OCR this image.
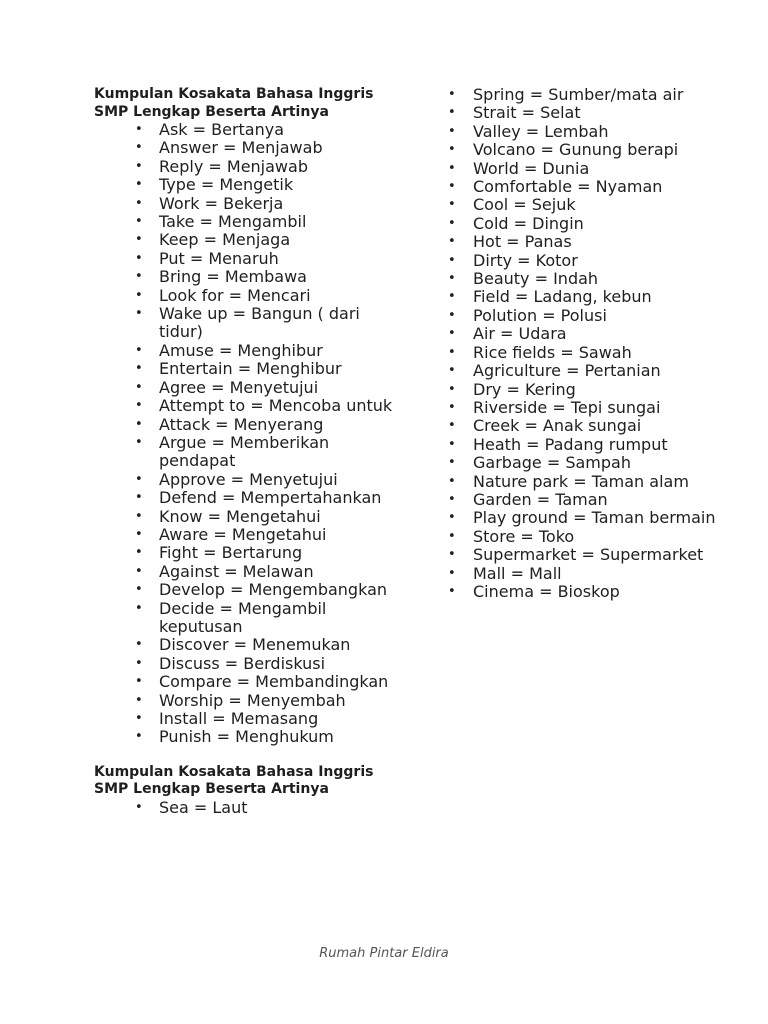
Kumpulan Kosakata Bahasa Inggris SMP Lengkap Beserta Artinya

• Ask = Bertanya
• Answer = Menjawab
• Reply = Menjawab
• Type = Mengetik
• Work = Bekerja
• Take = Mengambil
• Keep = Menjaga
• Put = Menaruh
• Bring = Membawa
• Look for = Mencari
• Wake up = Bangun ( dari tidur)
• Amuse = Menghibur
• Entertain = Menghibur
• Agree = Menyetujui
• Attempt to = Mencoba untuk
• Attack = Menyerang
• Argue = Memberikan pendapat
• Approve = Menyetujui
• Defend = Mempertahankan
• Know = Mengetahui
• Aware = Mengetahui
• Fight = Bertarung
• Against = Melawan
• Develop = Mengembangkan
• Decide = Mengambil keputusan
• Discover = Menemukan
• Discuss = Berdiskusi
• Compare = Membandingkan
• Worship = Menyembah
• Install = Memasang
• Punish = Menghukum

Kumpulan Kosakata Bahasa Inggris SMP Lengkap Beserta Artinya

• Sea = Laut
• Spring = Sumber/mata air
• Strait = Selat
• Valley = Lembah
• Volcano = Gunung berapi
• World = Dunia
• Comfortable = Nyaman
• Cool = Sejuk
• Cold = Dingin
• Hot = Panas
• Dirty = Kotor
• Beauty = Indah
• Field = Ladang, kebun
• Polution = Polusi
• Air = Udara
• Rice fields = Sawah
• Agriculture = Pertanian
• Dry = Kering
• Riverside = Tepi sungai
• Creek = Anak sungai
• Heath = Padang rumput
• Garbage = Sampah
• Nature park = Taman alam
• Garden = Taman
• Play ground = Taman bermain
• Store = Toko
• Supermarket = Supermarket
• Mall = Mall
• Cinema = Bioskop
Rumah Pintar Eldira
